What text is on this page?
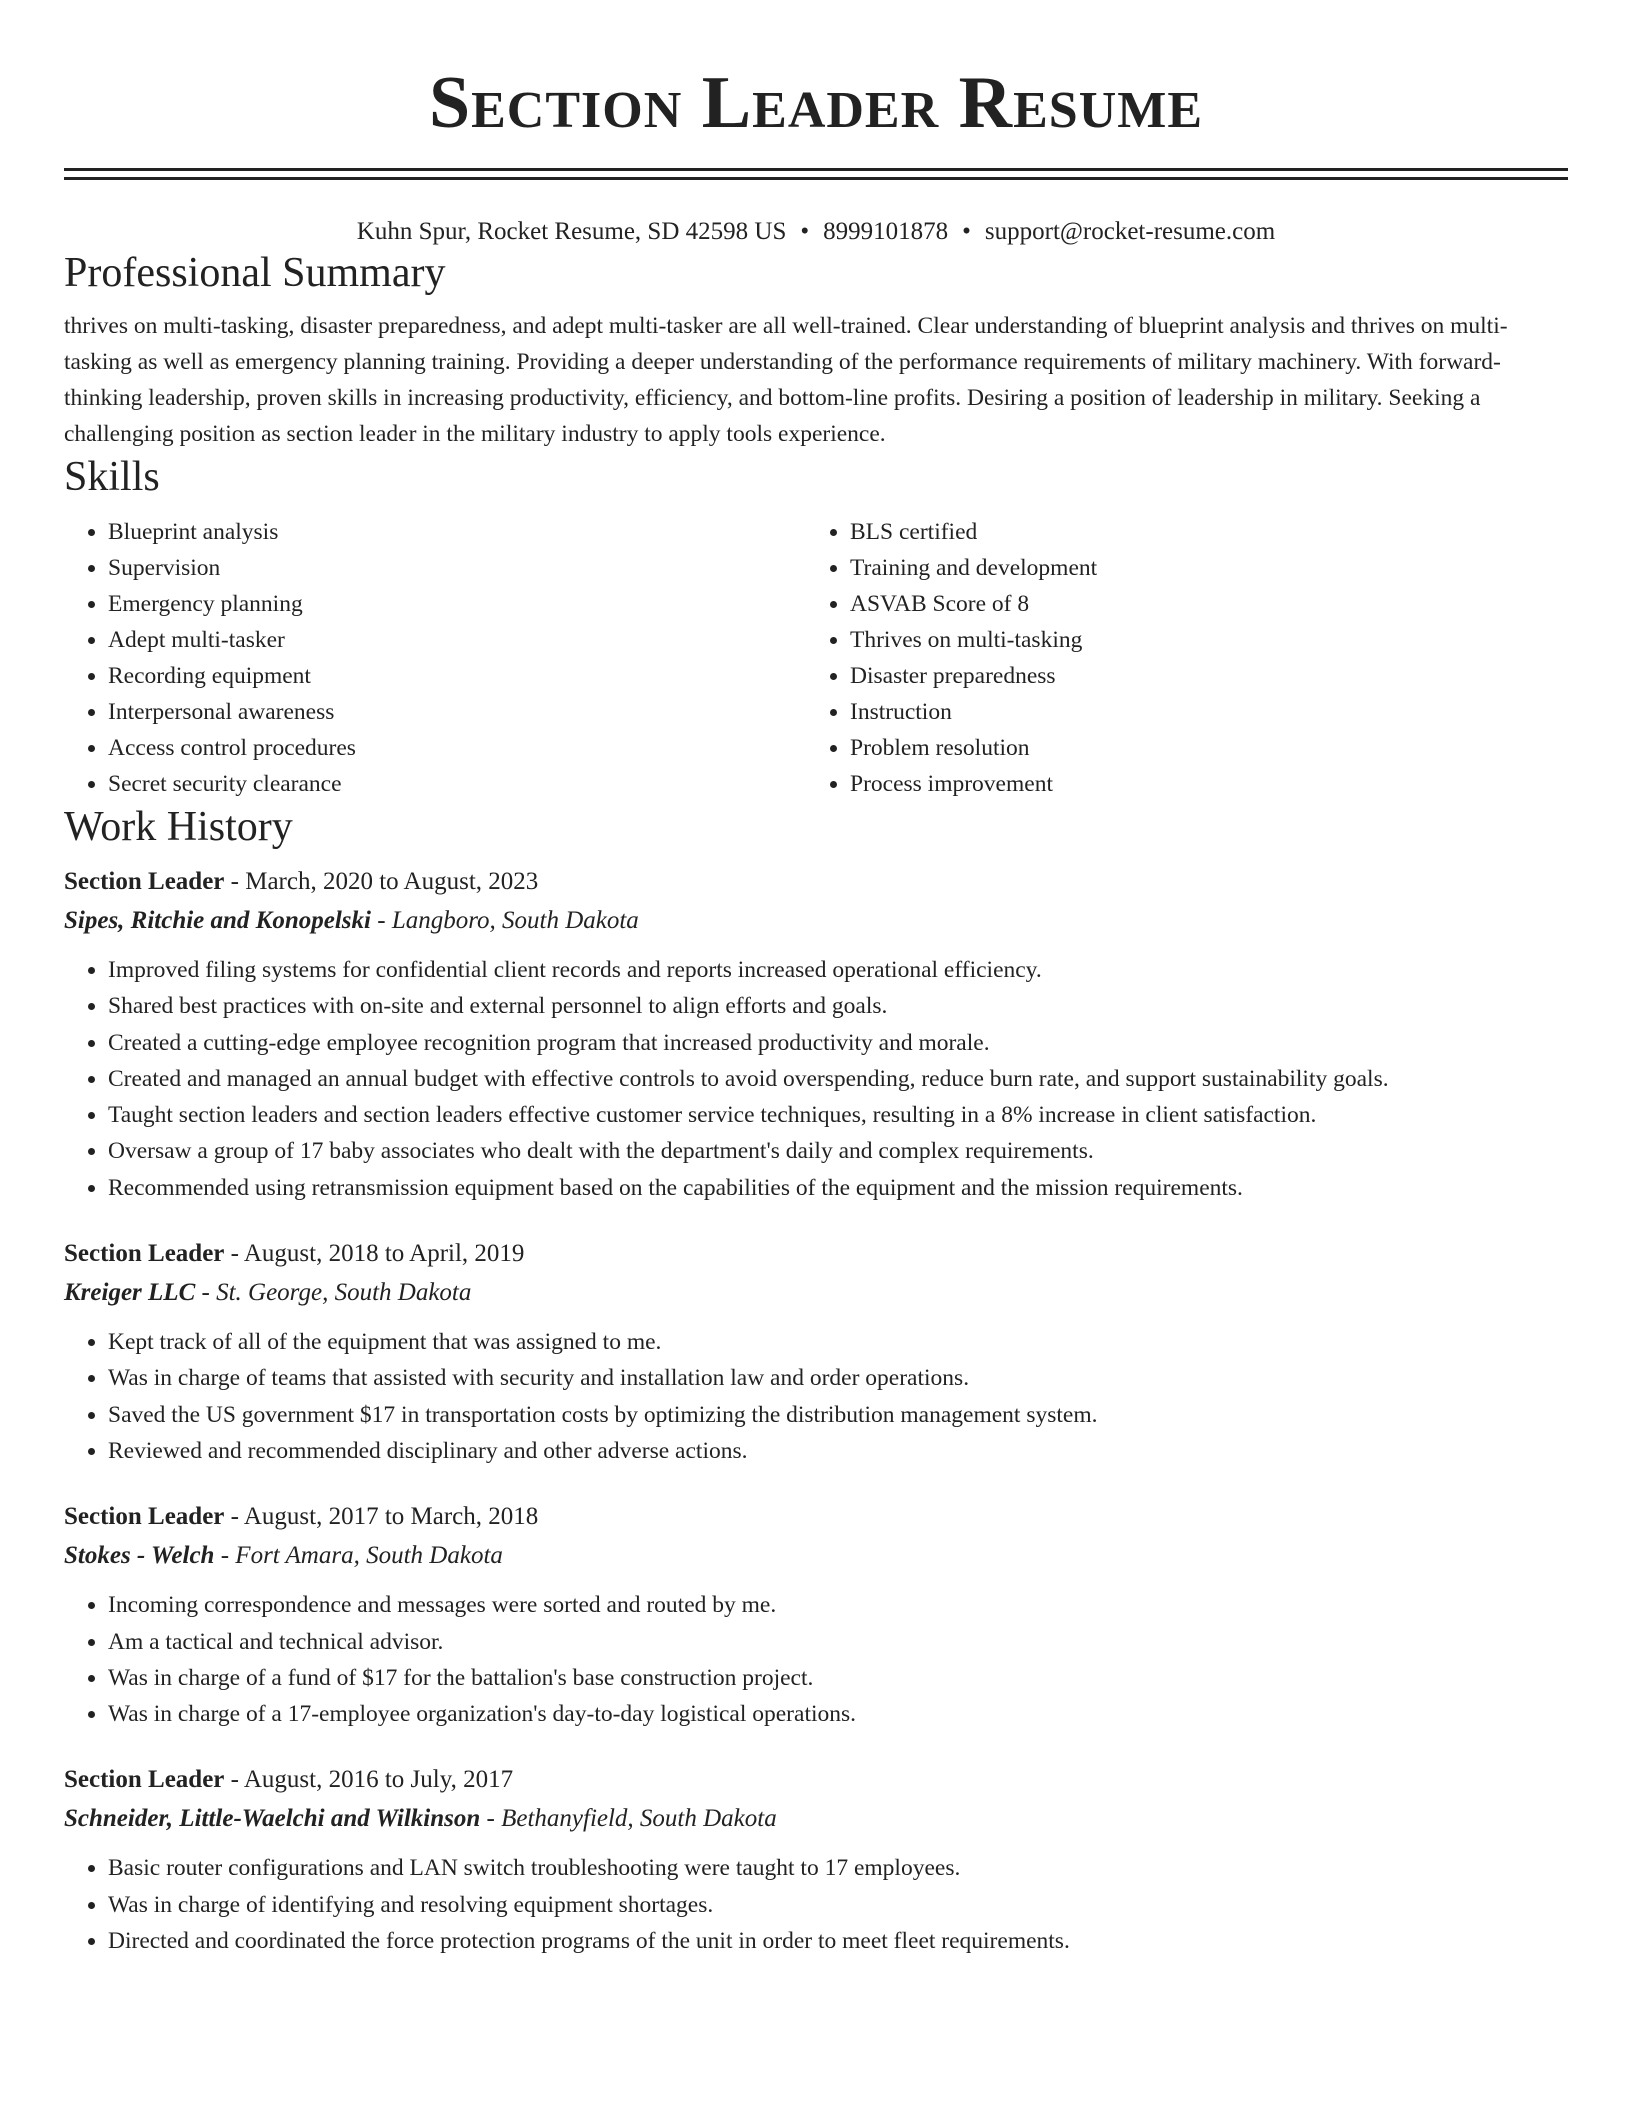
Section Leader Resume
Kuhn Spur, Rocket Resume, SD 42598 US • 8999101878 • support@rocket-resume.com
Professional Summary

thrives on multi-tasking, disaster preparedness, and adept multi-tasker are all well-trained. Clear understanding of blueprint analysis and thrives on multi-tasking as well as emergency planning training. Providing a deeper understanding of the performance requirements of military machinery. With forward-thinking leadership, proven skills in increasing productivity, efficiency, and bottom-line profits. Desiring a position of leadership in military. Seeking a challenging position as section leader in the military industry to apply tools experience.

Skills
• Blueprint analysis
• Supervision
• Emergency planning
• Adept multi-tasker
• Recording equipment
• Interpersonal awareness
• Access control procedures
• Secret security clearance
• BLS certified
• Training and development
• ASVAB Score of 8
• Thrives on multi-tasking
• Disaster preparedness
• Instruction
• Problem resolution
• Process improvement
Work History
Section Leader - March, 2020 to August, 2023
Sipes, Ritchie and Konopelski - Langboro, South Dakota
• Improved filing systems for confidential client records and reports increased operational efficiency.
• Shared best practices with on-site and external personnel to align efforts and goals.
• Created a cutting-edge employee recognition program that increased productivity and morale.
• Created and managed an annual budget with effective controls to avoid overspending, reduce burn rate, and support sustainability goals.
• Taught section leaders and section leaders effective customer service techniques, resulting in a 8% increase in client satisfaction.
• Oversaw a group of 17 baby associates who dealt with the department's daily and complex requirements.
• Recommended using retransmission equipment based on the capabilities of the equipment and the mission requirements.
Section Leader - August, 2018 to April, 2019
Kreiger LLC - St. George, South Dakota
• Kept track of all of the equipment that was assigned to me.
• Was in charge of teams that assisted with security and installation law and order operations.
• Saved the US government $17 in transportation costs by optimizing the distribution management system.
• Reviewed and recommended disciplinary and other adverse actions.
Section Leader - August, 2017 to March, 2018
Stokes - Welch - Fort Amara, South Dakota
• Incoming correspondence and messages were sorted and routed by me.
• Am a tactical and technical advisor.
• Was in charge of a fund of $17 for the battalion's base construction project.
• Was in charge of a 17-employee organization's day-to-day logistical operations.
Section Leader - August, 2016 to July, 2017
Schneider, Little-Waelchi and Wilkinson - Bethanyfield, South Dakota
• Basic router configurations and LAN switch troubleshooting were taught to 17 employees.
• Was in charge of identifying and resolving equipment shortages.
• Directed and coordinated the force protection programs of the unit in order to meet fleet requirements.
